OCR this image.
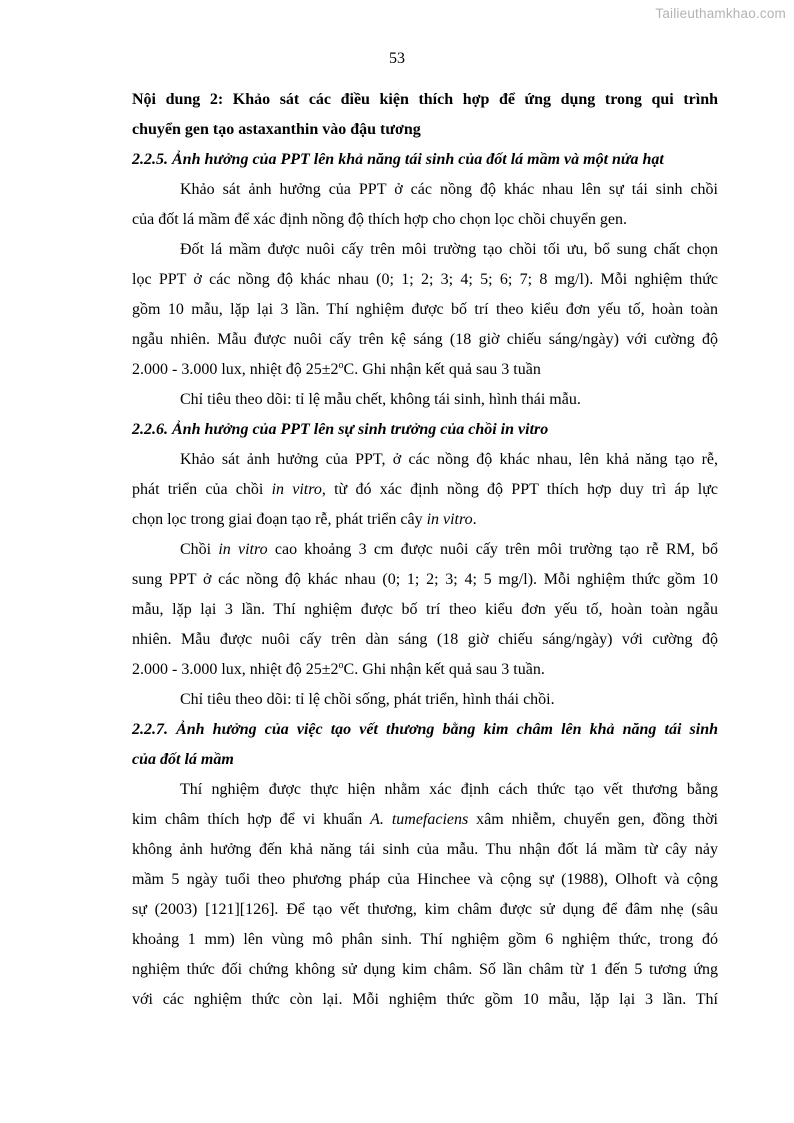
Tailieuthamkhao.com
53
Nội dung 2: Khảo sát các điều kiện thích hợp để ứng dụng trong qui trình
chuyển gen tạo astaxanthin vào đậu tương
2.2.5. Ảnh hưởng của PPT lên khả năng tái sinh của đốt lá mầm và một nửa hạt

Khảo sát ảnh hưởng của PPT ở các nồng độ khác nhau lên sự tái sinh chồi
của đốt lá mầm để xác định nồng độ thích hợp cho chọn lọc chồi chuyển gen.

Đốt lá mầm được nuôi cấy trên môi trường tạo chồi tối ưu, bổ sung chất chọn
lọc PPT ở các nồng độ khác nhau (0; 1; 2; 3; 4; 5; 6; 7; 8 mg/l). Mỗi nghiệm thức
gồm 10 mẫu, lặp lại 3 lần. Thí nghiệm được bố trí theo kiểu đơn yếu tố, hoàn toàn
ngẫu nhiên. Mẫu được nuôi cấy trên kệ sáng (18 giờ chiếu sáng/ngày) với cường độ
2.000 - 3.000 lux, nhiệt độ $25\pm 2^oC$. Ghi nhận kết quả sau 3 tuần

Chỉ tiêu theo dõi: tỉ lệ mẫu chết, không tái sinh, hình thái mẫu.

2.2.6. Ảnh hưởng của PPT lên sự sinh trưởng của chồi in vitro

Khảo sát ảnh hưởng của PPT, ở các nồng độ khác nhau, lên khả năng tạo rễ,
phát triển của chồi in vitro, từ đó xác định nồng độ PPT thích hợp duy trì áp lực
chọn lọc trong giai đoạn tạo rễ, phát triển cây in vitro.

Chồi in vitro cao khoảng 3 cm được nuôi cấy trên môi trường tạo rễ RM, bổ
sung PPT ở các nồng độ khác nhau (0; 1; 2; 3; 4; 5 mg/l). Mỗi nghiệm thức gồm 10
mẫu, lặp lại 3 lần. Thí nghiệm được bố trí theo kiểu đơn yếu tố, hoàn toàn ngẫu
nhiên. Mẫu được nuôi cấy trên dàn sáng (18 giờ chiếu sáng/ngày) với cường độ
2.000 - 3.000 lux, nhiệt độ $25\pm 2^oC$. Ghi nhận kết quả sau 3 tuần.

Chỉ tiêu theo dõi: tỉ lệ chồi sống, phát triển, hình thái chồi.

2.2.7. Ảnh hưởng của việc tạo vết thương bằng kim châm lên khả năng tái sinh
của đốt lá mầm

Thí nghiệm được thực hiện nhằm xác định cách thức tạo vết thương bằng
kim châm thích hợp để vi khuẩn A. tumefaciens xâm nhiễm, chuyển gen, đồng thời
không ảnh hưởng đến khả năng tái sinh của mẫu. Thu nhận đốt lá mầm từ cây nảy
mầm 5 ngày tuổi theo phương pháp của Hinchee và cộng sự (1988), Olhoft và cộng
sự (2003) [121][126]. Để tạo vết thương, kim châm được sử dụng để đâm nhẹ (sâu
khoảng 1 mm) lên vùng mô phân sinh. Thí nghiệm gồm 6 nghiệm thức, trong đó
nghiệm thức đối chứng không sử dụng kim châm. Số lần châm từ 1 đến 5 tương ứng
với các nghiệm thức còn lại. Mỗi nghiệm thức gồm 10 mẫu, lặp lại 3 lần. Thí
